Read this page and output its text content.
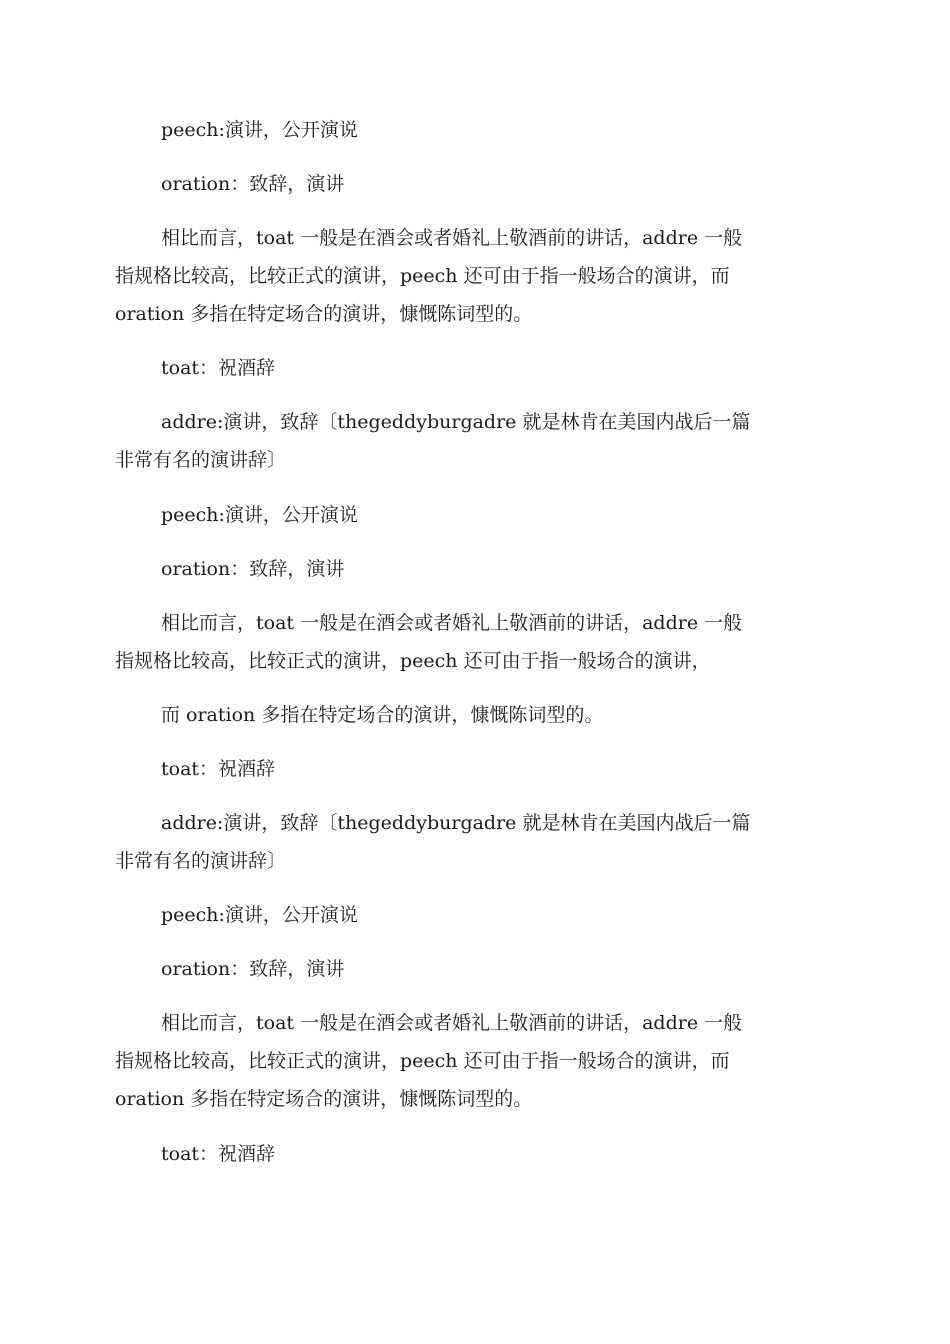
peech:演讲，公开演说

oration：致辞，演讲

相比而言，toat 一般是在酒会或者婚礼上敬酒前的讲话，addre 一般
指规格比较高，比较正式的演讲，peech 还可由于指一般场合的演讲，而
oration 多指在特定场合的演讲，慷慨陈词型的。

toat：祝酒辞

addre:演讲，致辞〔thegeddyburgadre 就是林肯在美国内战后一篇
非常有名的演讲辞〕

peech:演讲，公开演说

oration：致辞，演讲

相比而言，toat 一般是在酒会或者婚礼上敬酒前的讲话，addre 一般
指规格比较高，比较正式的演讲，peech 还可由于指一般场合的演讲，

而 oration 多指在特定场合的演讲，慷慨陈词型的。

toat：祝酒辞

addre:演讲，致辞〔thegeddyburgadre 就是林肯在美国内战后一篇
非常有名的演讲辞〕

peech:演讲，公开演说

oration：致辞，演讲

相比而言，toat 一般是在酒会或者婚礼上敬酒前的讲话，addre 一般
指规格比较高，比较正式的演讲，peech 还可由于指一般场合的演讲，而
oration 多指在特定场合的演讲，慷慨陈词型的。

toat：祝酒辞
